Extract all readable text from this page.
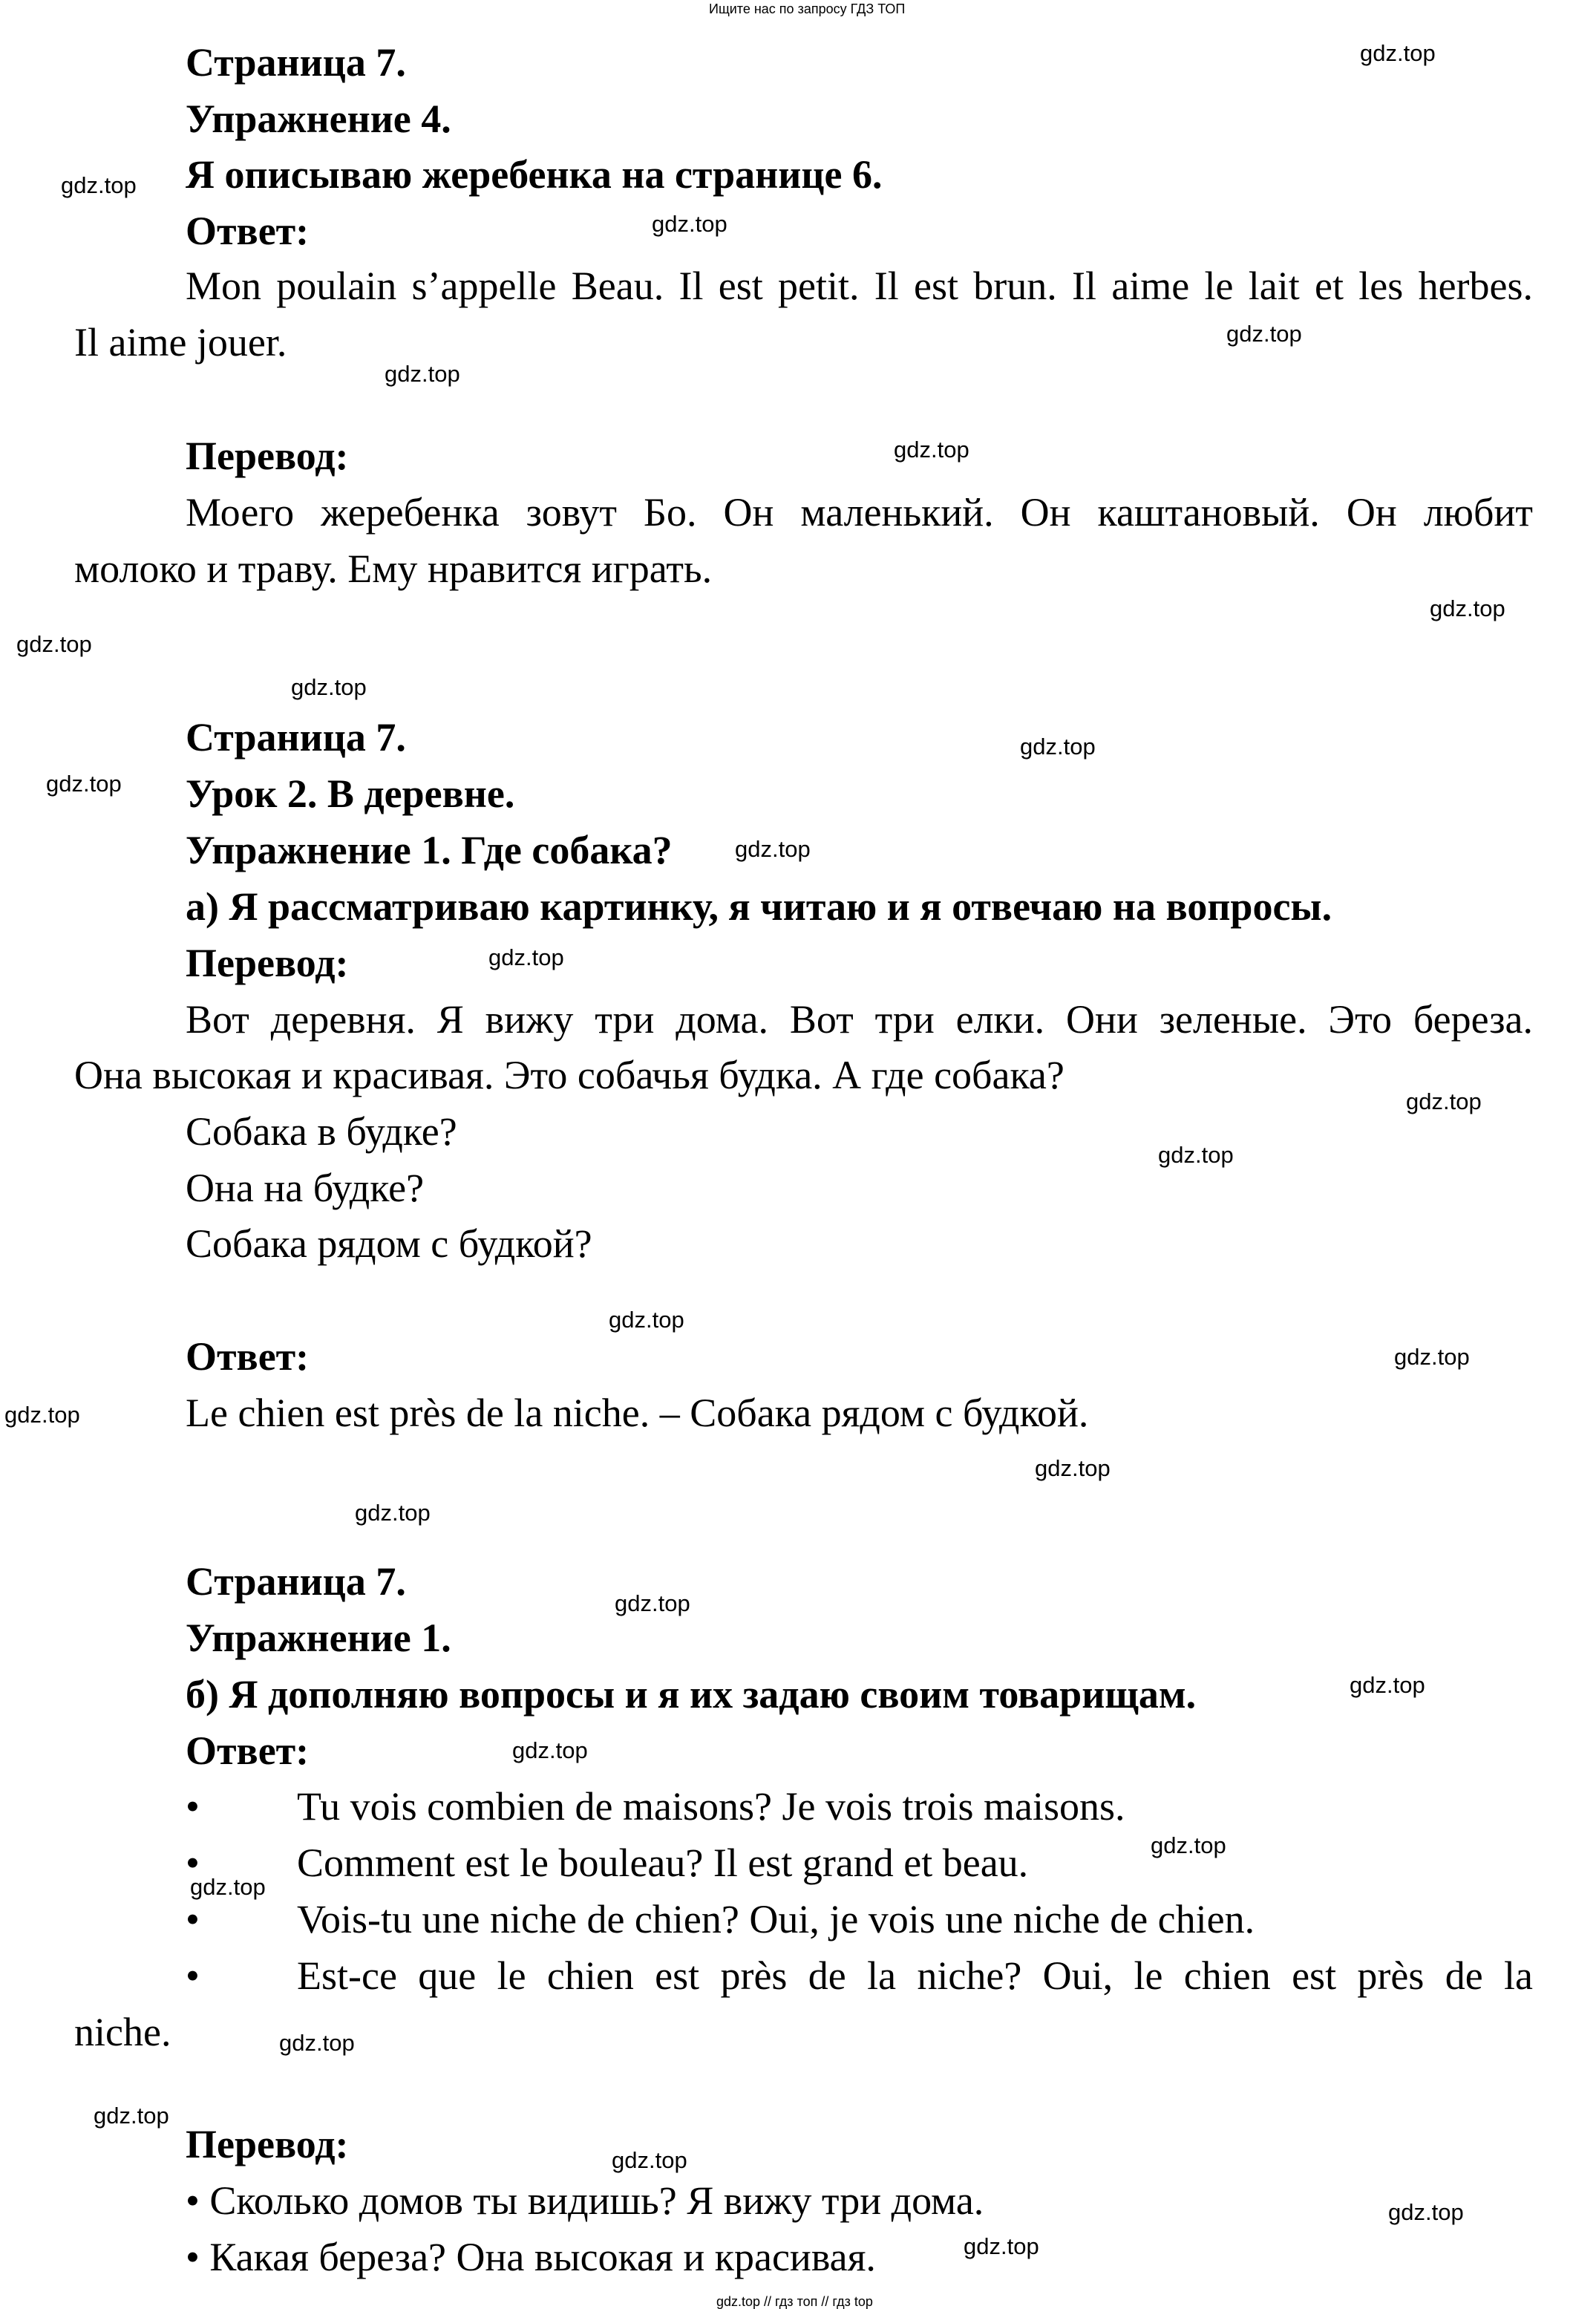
Ищите нас по запросу ГДЗ ТОП
gdz.top // гдз топ // гдз top
Страница 7.
Упражнение 4.
Я описываю жеребенка на странице 6.
Ответ:
Mon poulain s’appelle Beau. Il est petit. Il est brun. Il aime le lait et les herbes.
Il aime jouer.
Перевод:
Моего жеребенка зовут Бо. Он маленький. Он каштановый. Он любит
молоко и траву. Ему нравится играть.
Страница 7.
Урок 2. В деревне.
Упражнение 1. Где собака?
а) Я рассматриваю картинку, я читаю и я отвечаю на вопросы.
Перевод:
Вот деревня. Я вижу три дома. Вот три елки. Они зеленые. Это береза.
Она высокая и красивая. Это собачья будка. А где собака?
Собака в будке?
Она на будке?
Собака рядом с будкой?
Ответ:
Le chien est près de la niche. – Собака рядом с будкой.
Страница 7.
Упражнение 1.
б) Я дополняю вопросы и я их задаю своим товарищам.
Ответ:
• Tu vois combien de maisons? Je vois trois maisons.
• Comment est le bouleau? Il est grand et beau.
• Vois-tu une niche de chien? Oui, je vois une niche de chien.
• Est-ce que le chien est près de la niche? Oui, le chien est près de la
niche.
Перевод:
• Сколько домов ты видишь? Я вижу три дома.
• Какая береза? Она высокая и красивая.
gdz.top
gdz.top
gdz.top
gdz.top
gdz.top
gdz.top
gdz.top
gdz.top
gdz.top
gdz.top
gdz.top
gdz.top
gdz.top
gdz.top
gdz.top
gdz.top
gdz.top
gdz.top
gdz.top
gdz.top
gdz.top
gdz.top
gdz.top
gdz.top
gdz.top
gdz.top
gdz.top
gdz.top
gdz.top
gdz.top
